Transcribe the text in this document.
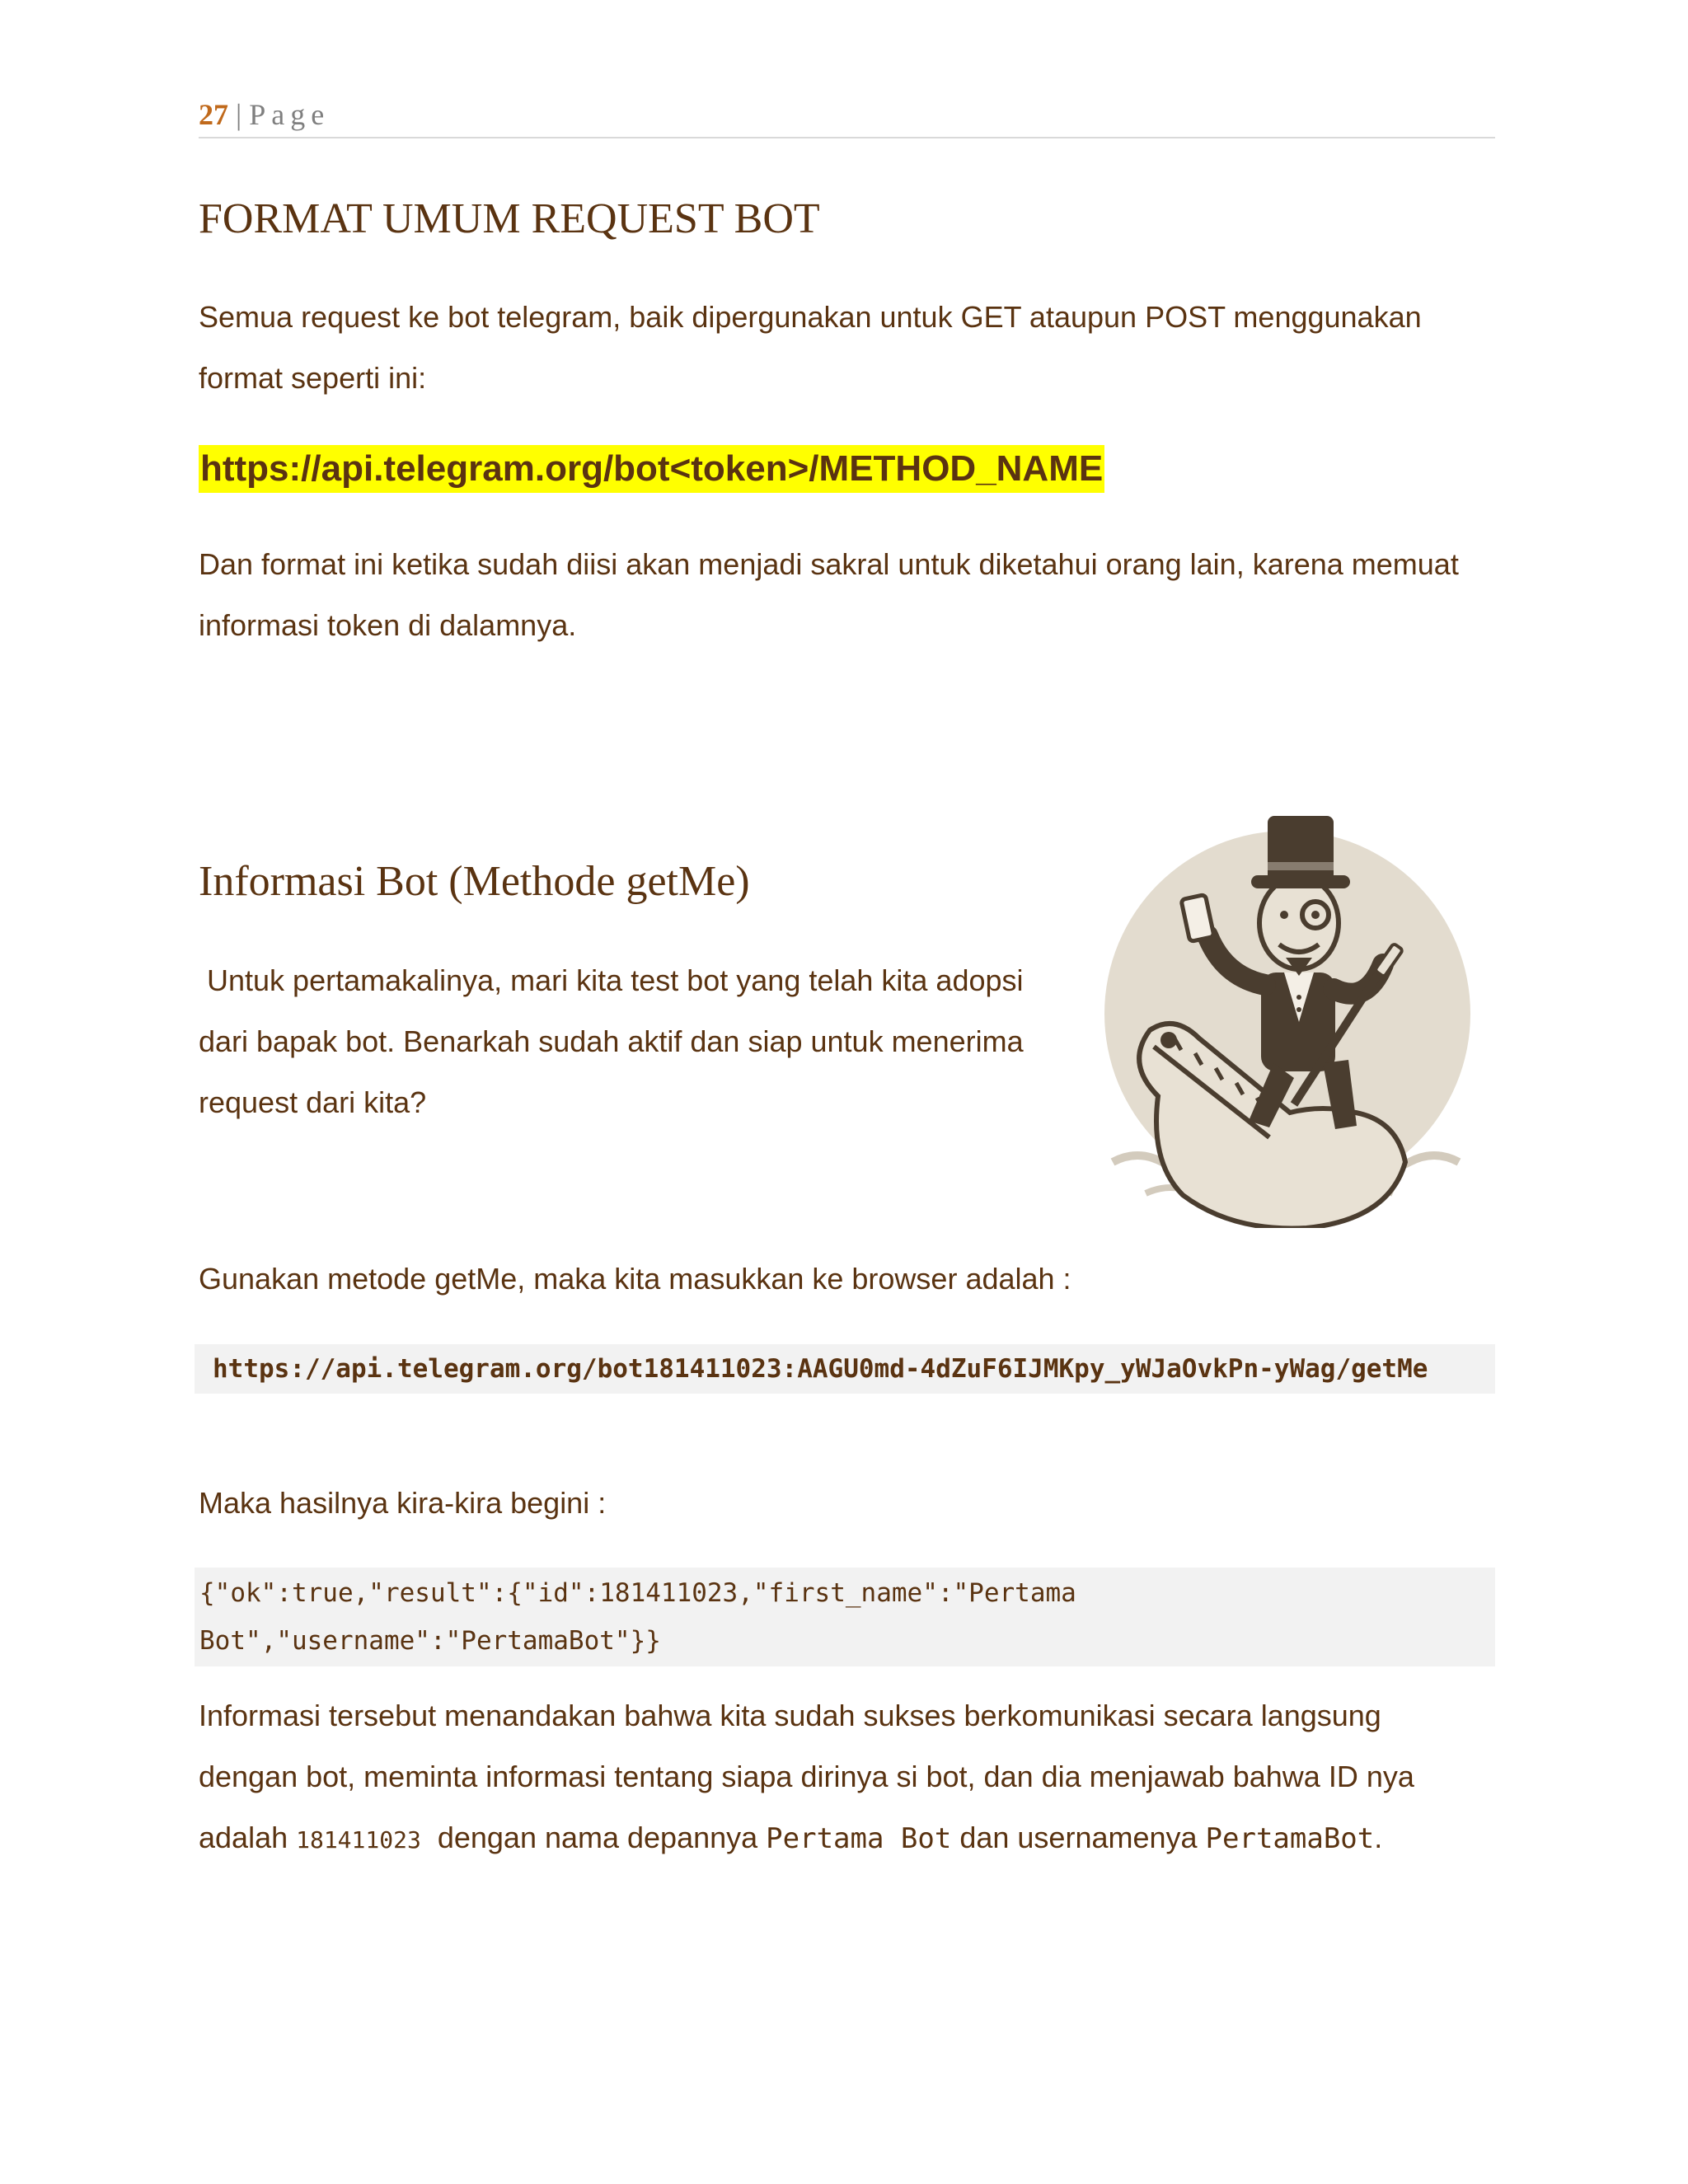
27 | Page
FORMAT UMUM REQUEST BOT

Semua request ke bot telegram, baik dipergunakan untuk GET ataupun POST menggunakan
format seperti ini:

https://api.telegram.org/bot<token>/METHOD_NAME

Dan format ini ketika sudah diisi akan menjadi sakral untuk diketahui orang lain, karena memuat
informasi token di dalamnya.

Informasi Bot (Methode getMe)

Untuk pertamakalinya, mari kita test bot yang telah kita adopsi
dari bapak bot. Benarkah sudah aktif dan siap untuk menerima
request dari kita?

Gunakan metode getMe, maka kita masukkan ke browser adalah :

https://api.telegram.org/bot181411023:AAGU0md-4dZuF6IJMKpy_yWJaOvkPn-yWag/getMe

Maka hasilnya kira-kira begini :

{"ok":true,"result":{"id":181411023,"first_name":"Pertama
Bot","username":"PertamaBot"}}

Informasi tersebut menandakan bahwa kita sudah sukses berkomunikasi secara langsung
dengan bot, meminta informasi tentang siapa dirinya si bot, dan dia menjawab bahwa ID nya
adalah 181411023  dengan nama depannya Pertama Bot dan usernamenya PertamaBot.
